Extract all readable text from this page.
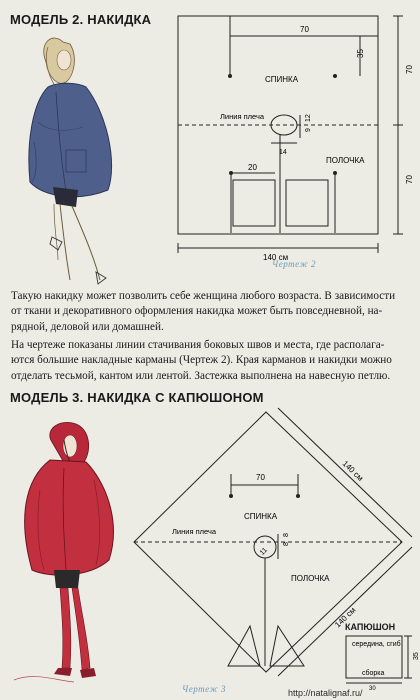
МОДЕЛЬ 2. НАКИДКА
70
35
70
70
140 см
20
14
9
12
СПИНКА
ПОЛОЧКА
Линия плеча
Чертеж 2
Такую накидку может позволить себе женщина любого возраста. В зависимости
от ткани и декоративного оформления накидка может быть повседневной, на-
рядной, деловой или домашней.
На чертеже показаны линии стачивания боковых швов и места, где располага-
ются большие накладные карманы (Чертеж 2). Края карманов и накидки можно
отделать тесьмой, кантом или лентой. Застежка выполнена на навесную петлю.
МОДЕЛЬ 3. НАКИДКА С КАПЮШОНОМ
70	140 см
140 см
11
8
8
СПИНКА
ПОЛОЧКА
Линия плеча
Чертеж 3
КАПЮШОН
середина, сгиб
сборка
35
30
http://natalignaf.ru/
